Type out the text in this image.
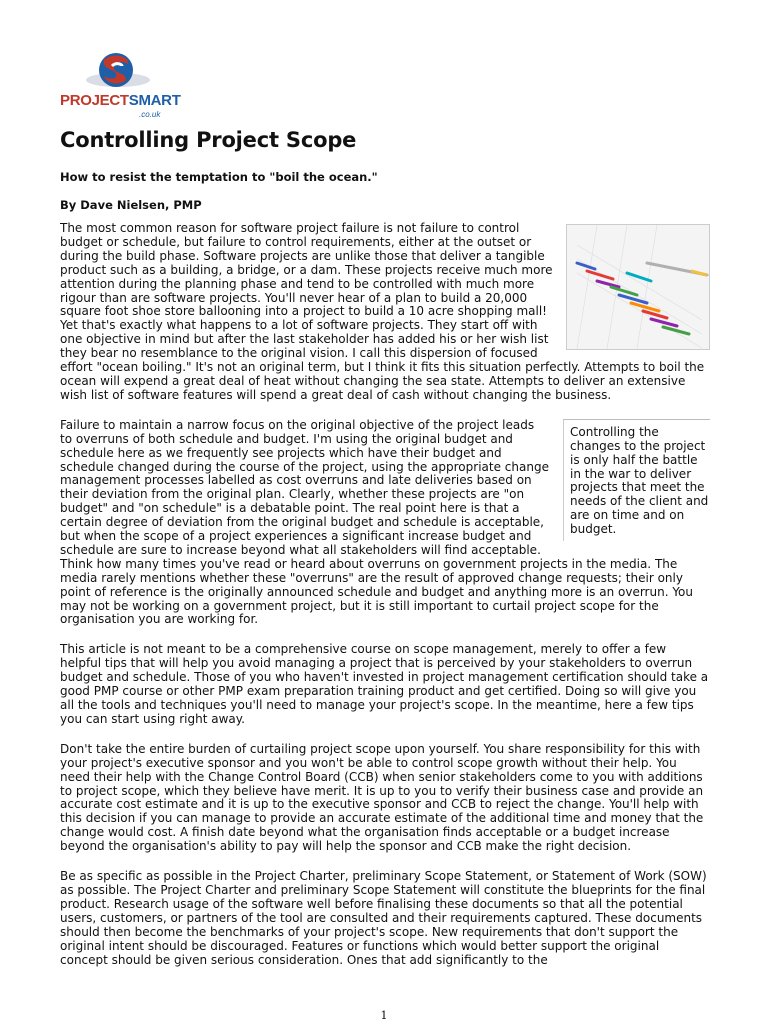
PROJECTSMART
.co.uk
Controlling Project Scope

How to resist the temptation to "boil the ocean."

By Dave Nielsen, PMP

The most common reason for software project failure is not failure to control budget or schedule, but failure to control requirements, either at the outset or during the build phase. Software projects are unlike those that deliver a tangible product such as a building, a bridge, or a dam. These projects receive much more attention during the planning phase and tend to be controlled with much more rigour than are software projects. You'll never hear of a plan to build a 20,000 square foot shoe store ballooning into a project to build a 10 acre shopping mall! Yet that's exactly what happens to a lot of software projects. They start off with one objective in mind but after the last stakeholder has added his or her wish list they bear no resemblance to the original vision. I call this dispersion of focused effort "ocean boiling." It's not an original term, but I think it fits this situation perfectly. Attempts to boil the ocean will expend a great deal of heat without changing the sea state. Attempts to deliver an extensive wish list of software features will spend a great deal of cash without changing the business.

Controlling the changes to the project is only half the battle in the war to deliver projects that meet the needs of the client and are on time and on budget.
Failure to maintain a narrow focus on the original objective of the project leads to overruns of both schedule and budget. I'm using the original budget and schedule here as we frequently see projects which have their budget and schedule changed during the course of the project, using the appropriate change management processes labelled as cost overruns and late deliveries based on their deviation from the original plan. Clearly, whether these projects are "on budget" and "on schedule" is a debatable point. The real point here is that a certain degree of deviation from the original budget and schedule is acceptable, but when the scope of a project experiences a significant increase budget and schedule are sure to increase beyond what all stakeholders will find acceptable. Think how many times you've read or heard about overruns on government projects in the media. The media rarely mentions whether these "overruns" are the result of approved change requests; their only point of reference is the originally announced schedule and budget and anything more is an overrun. You may not be working on a government project, but it is still important to curtail project scope for the organisation you are working for.

This article is not meant to be a comprehensive course on scope management, merely to offer a few helpful tips that will help you avoid managing a project that is perceived by your stakeholders to overrun budget and schedule. Those of you who haven't invested in project management certification should take a good PMP course or other PMP exam preparation training product and get certified. Doing so will give you all the tools and techniques you'll need to manage your project's scope. In the meantime, here a few tips you can start using right away.

Don't take the entire burden of curtailing project scope upon yourself. You share responsibility for this with your project's executive sponsor and you won't be able to control scope growth without their help. You need their help with the Change Control Board (CCB) when senior stakeholders come to you with additions to project scope, which they believe have merit. It is up to you to verify their business case and provide an accurate cost estimate and it is up to the executive sponsor and CCB to reject the change. You'll help with this decision if you can manage to provide an accurate estimate of the additional time and money that the change would cost. A finish date beyond what the organisation finds acceptable or a budget increase beyond the organisation's ability to pay will help the sponsor and CCB make the right decision.

Be as specific as possible in the Project Charter, preliminary Scope Statement, or Statement of Work (SOW) as possible. The Project Charter and preliminary Scope Statement will constitute the blueprints for the final product. Research usage of the software well before finalising these documents so that all the potential users, customers, or partners of the tool are consulted and their requirements captured. These documents should then become the benchmarks of your project's scope. New requirements that don't support the original intent should be discouraged. Features or functions which would better support the original concept should be given serious consideration. Ones that add significantly to the

1
